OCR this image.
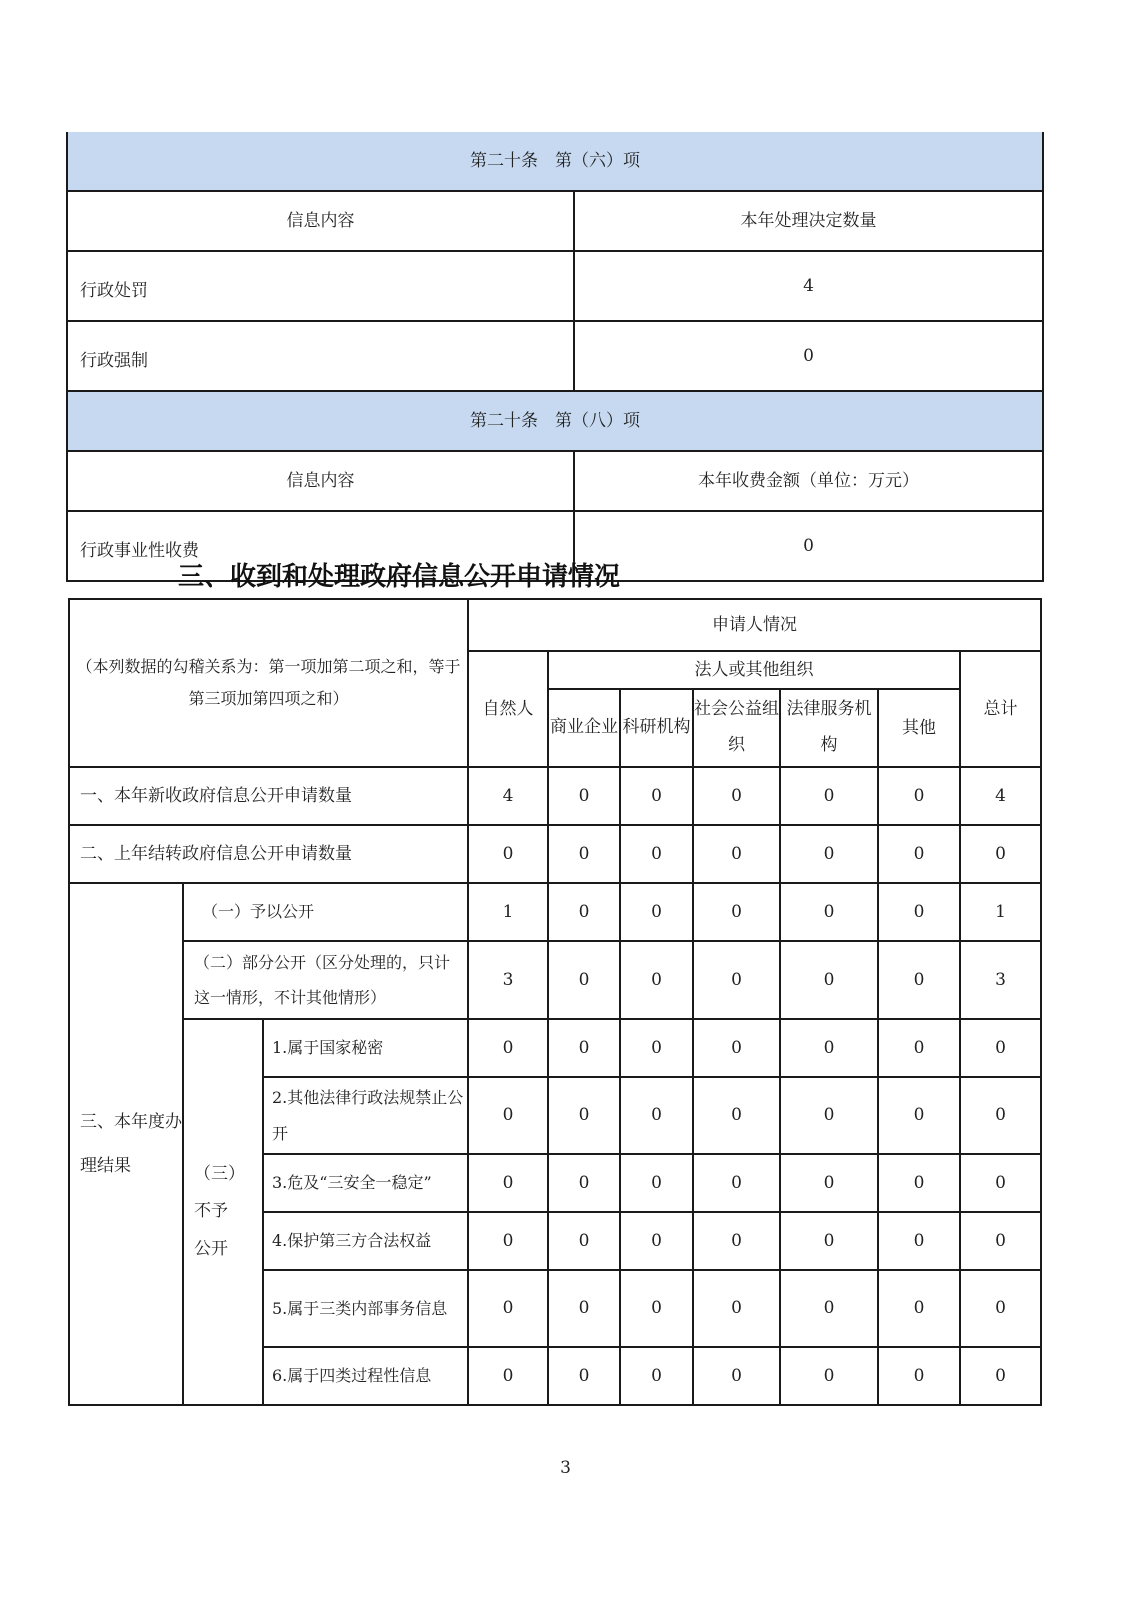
第二十条　第（六）项	
信息内容	本年处理决定数量
行政处罚	4
行政强制	0
第二十条　第（八）项	
信息内容	本年收费金额（单位：万元）
行政事业性收费	0
三、收到和处理政府信息公开申请情况
（本列数据的勾稽关系为：第一项加第二项之和，等于第三项加第四项之和）			申请人情况						
			自然人	法人或其他组织					总计
				商业企业	科研机构	社会公益组织	法律服务机构	其他	
一、本年新收政府信息公开申请数量			4	0	0	0	0	0	4
二、上年结转政府信息公开申请数量			0	0	0	0	0	0	0
三、本年度办理结果	（一）予以公开		1	0	0	0	0	0	1
	（二）部分公开（区分处理的，只计这一情形，不计其他情形）		3	0	0	0	0	0	3
	（三）不予公开	1.属于国家秘密	0	0	0	0	0	0	0
		2.其他法律行政法规禁止公开	0	0	0	0	0	0	0
		3.危及“三安全一稳定”	0	0	0	0	0	0	0
		4.保护第三方合法权益	0	0	0	0	0	0	0
		5.属于三类内部事务信息	0	0	0	0	0	0	0
		6.属于四类过程性信息	0	0	0	0	0	0	0
3
